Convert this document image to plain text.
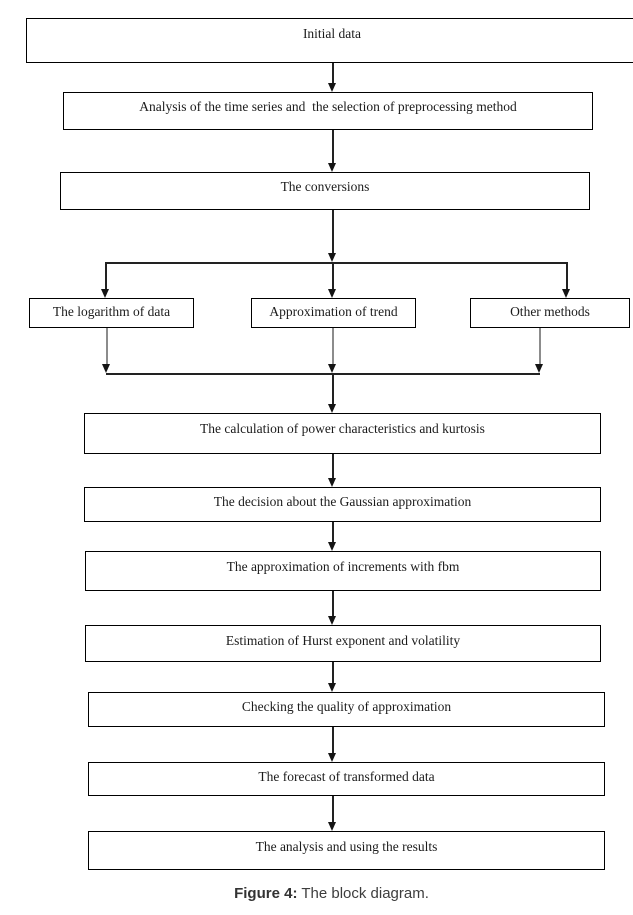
Initial data
Analysis of the time series and  the selection of preprocessing method
The conversions
The logarithm of data	Approximation of trend	Other methods
The calculation of power characteristics and kurtosis
The decision about the Gaussian approximation
The approximation of increments with fbm
Estimation of Hurst exponent and volatility
Checking the quality of approximation
The forecast of transformed data
The analysis and using the results
Figure 4: The block diagram.
